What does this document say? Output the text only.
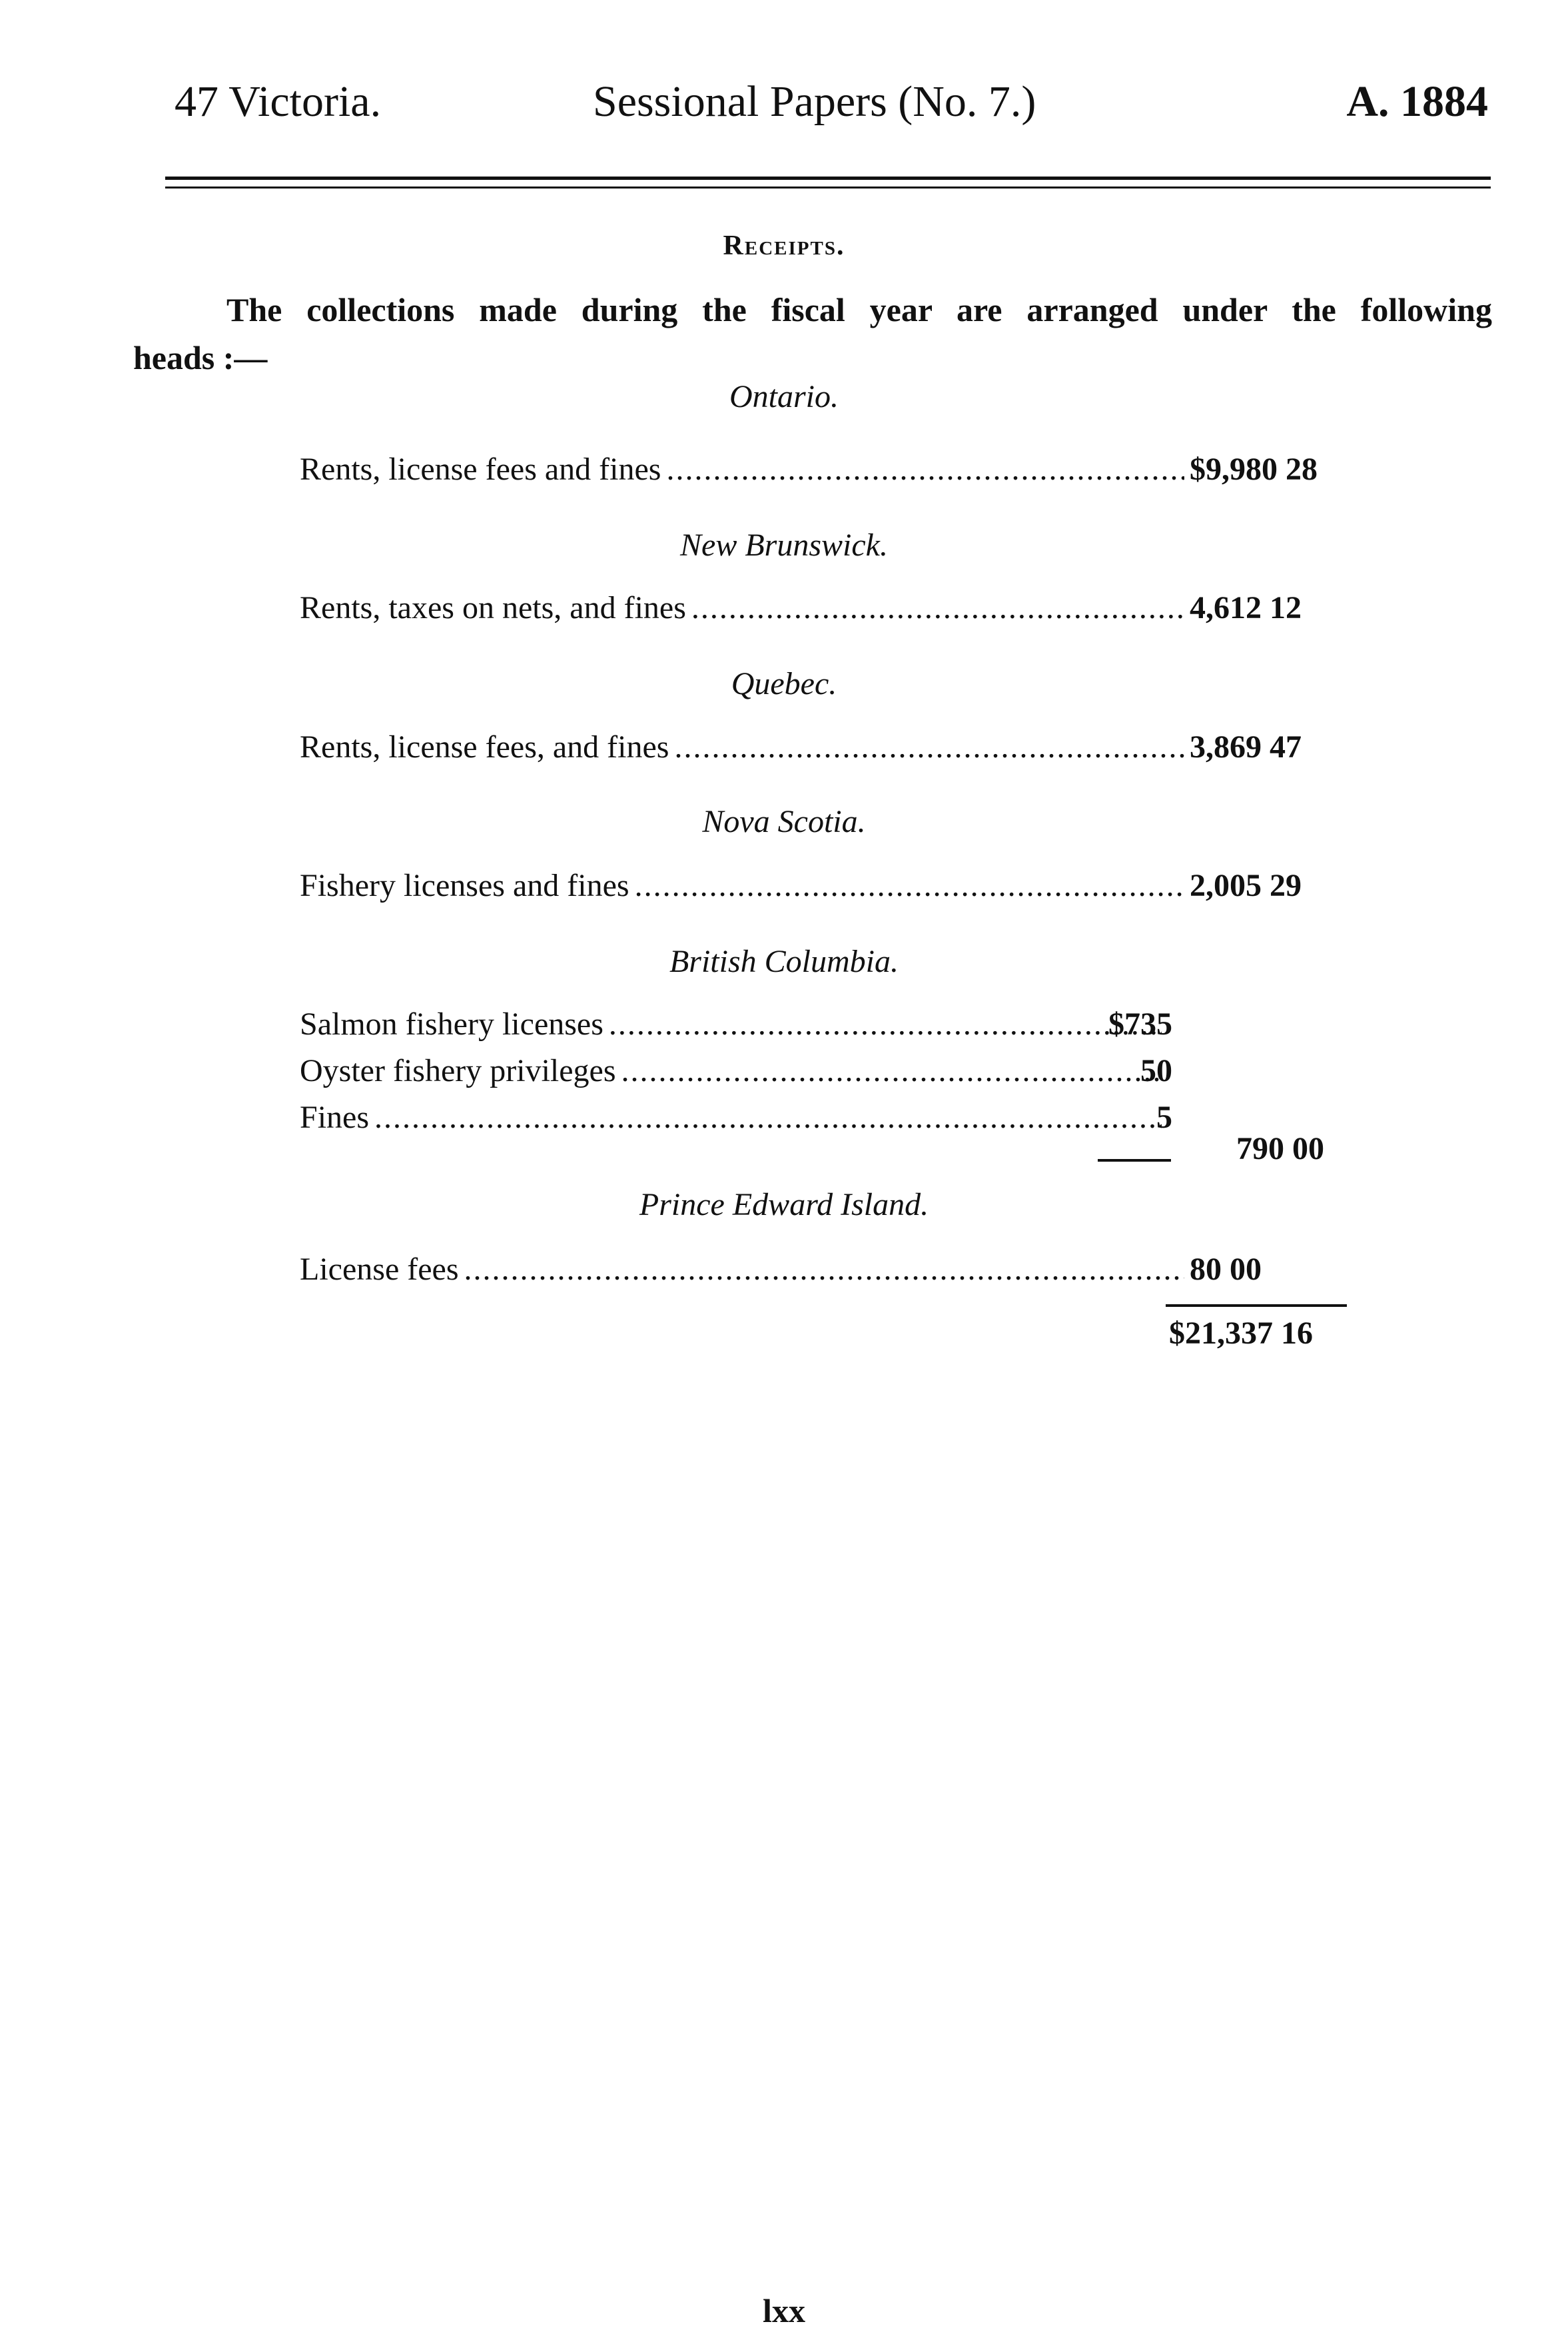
47 Victoria.	Sessional Papers (No. 7.)	A. 1884
Receipts.
The collections made during the fiscal year are arranged under the following
heads :—
Ontario.
Rents, license fees and fines .....	$9,980 28
New Brunswick.
Rents, taxes on nets, and fines .....	4,612 12
Quebec.
Rents, license fees, and fines .....	3,869 47
Nova Scotia.
Fishery licenses and fines .....	2,005 29
British Columbia.
Salmon fishery licenses .....	$735
Oyster fishery privileges .....	50
Fines .....	5
790 00
Prince Edward Island.
License fees .....	80 00
$21,337 16
lxx
